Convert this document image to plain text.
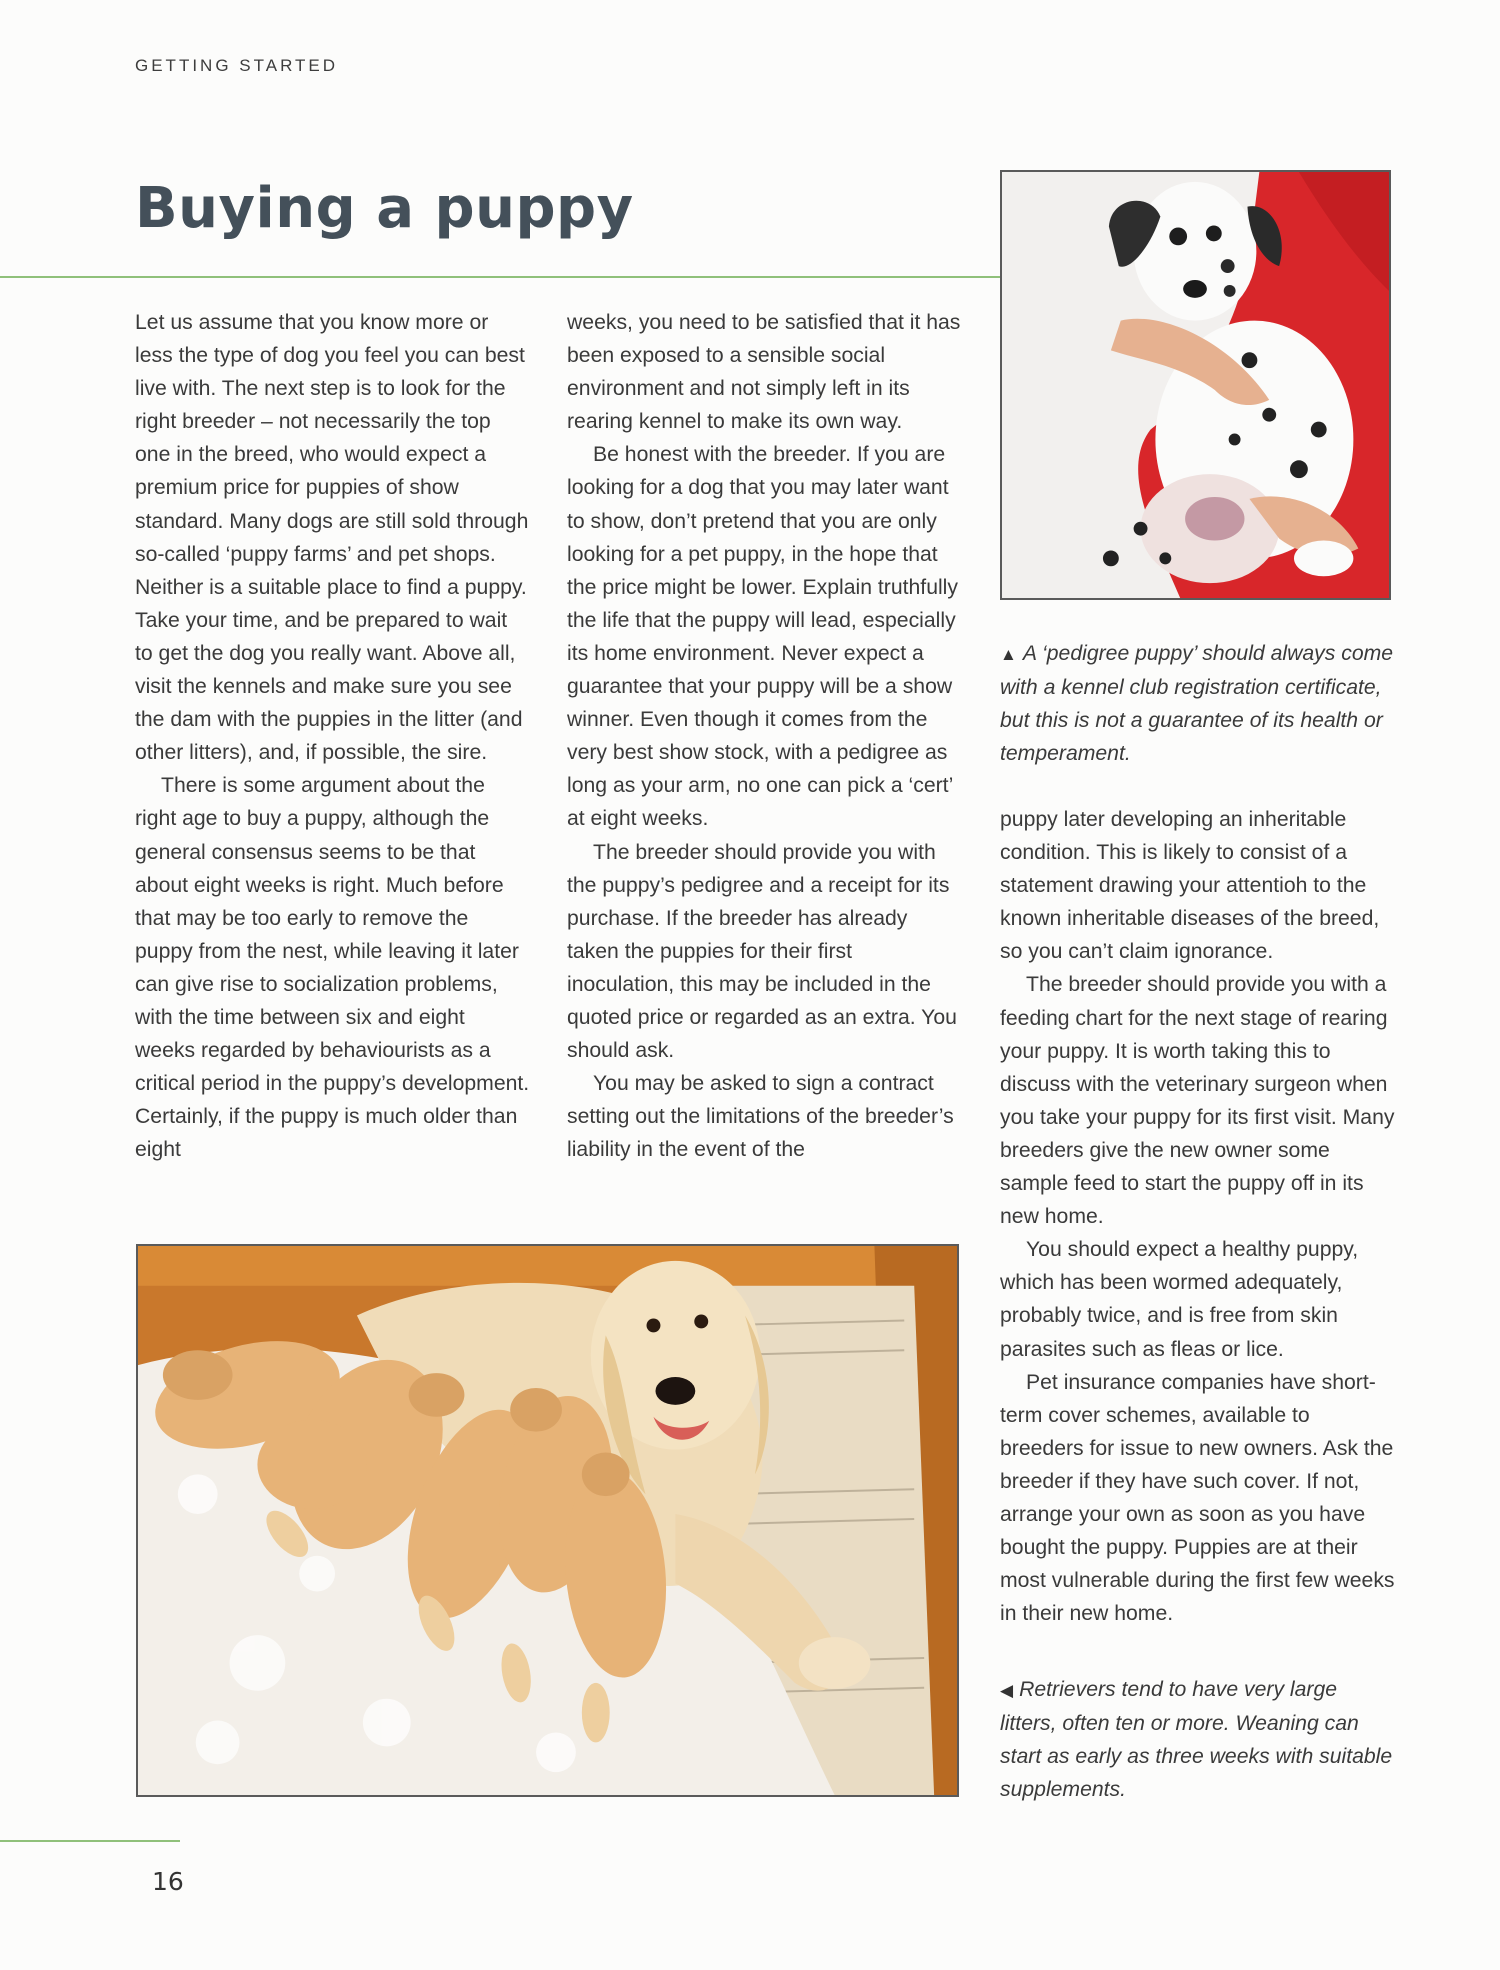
GETTING STARTED
Buying a puppy

Let us assume that you know more or less the type of dog you feel you can best live with. The next step is to look for the right breeder – not necessarily the top one in the breed, who would expect a premium price for puppies of show standard. Many dogs are still sold through so-called ‘puppy farms’ and pet shops. Neither is a suitable place to find a puppy. Take your time, and be prepared to wait to get the dog you really want. Above all, visit the kennels and make sure you see the dam with the puppies in the litter (and other litters), and, if possible, the sire.

There is some argument about the right age to buy a puppy, although the general consensus seems to be that about eight weeks is right. Much before that may be too early to remove the puppy from the nest, while leaving it later can give rise to socialization problems, with the time between six and eight weeks regarded by behaviourists as a critical period in the puppy’s development. Certainly, if the puppy is much older than eight

weeks, you need to be satisfied that it has been exposed to a sensible social environment and not simply left in its rearing kennel to make its own way.

Be honest with the breeder. If you are looking for a dog that you may later want to show, don’t pretend that you are only looking for a pet puppy, in the hope that the price might be lower. Explain truthfully the life that the puppy will lead, especially its home environment. Never expect a guarantee that your puppy will be a show winner. Even though it comes from the very best show stock, with a pedigree as long as your arm, no one can pick a ‘cert’ at eight weeks.

The breeder should provide you with the puppy’s pedigree and a receipt for its purchase. If the breeder has already taken the puppies for their first inoculation, this may be included in the quoted price or regarded as an extra. You should ask.

You may be asked to sign a contract setting out the limitations of the breeder’s liability in the event of the

▲ A ‘pedigree puppy’ should always come with a kennel club registration certificate, but this is not a guarantee of its health or temperament.

puppy later developing an inheritable condition. This is likely to consist of a statement drawing your attentioh to the known inheritable diseases of the breed, so you can’t claim ignorance.

The breeder should provide you with a feeding chart for the next stage of rearing your puppy. It is worth taking this to discuss with the veterinary surgeon when you take your puppy for its first visit. Many breeders give the new owner some sample feed to start the puppy off in its new home.

You should expect a healthy puppy, which has been wormed adequately, probably twice, and is free from skin parasites such as fleas or lice.

Pet insurance companies have short-term cover schemes, available to breeders for issue to new owners. Ask the breeder if they have such cover. If not, arrange your own as soon as you have bought the puppy. Puppies are at their most vulnerable during the first few weeks in their new home.

◀ Retrievers tend to have very large litters, often ten or more. Weaning can start as early as three weeks with suitable supplements.
16
